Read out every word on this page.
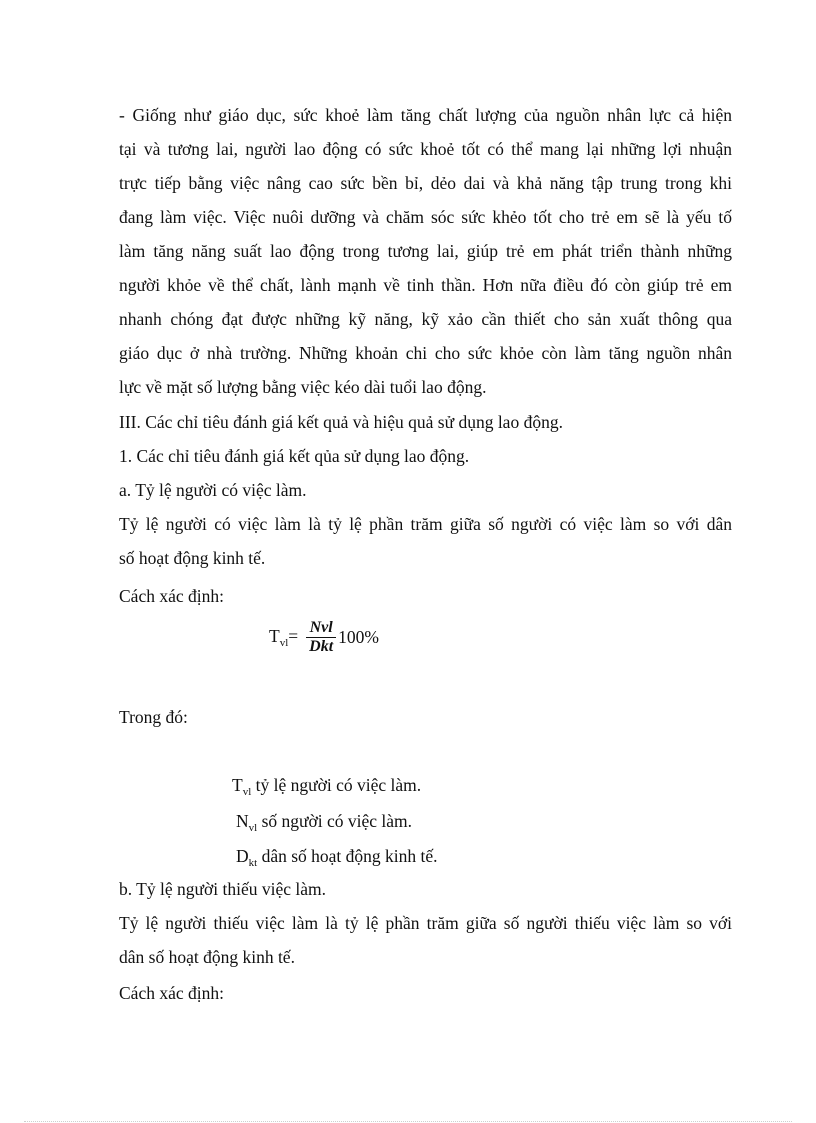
- Giống như giáo dục, sức khoẻ làm tăng chất lượng của nguồn nhân lực cả hiện
tại và tương lai, người lao động có sức khoẻ tốt có thể mang lại những lợi nhuận
trực tiếp bằng việc nâng cao sức bền bỉ, dẻo dai và khả năng tập trung trong khi
đang làm việc. Việc nuôi dưỡng và chăm sóc sức khẻo tốt cho trẻ em sẽ là yếu tố
làm tăng năng suất lao động trong tương lai, giúp trẻ em phát triển thành những
người khỏe về thể chất, lành mạnh về tinh thần. Hơn nữa điều đó còn giúp trẻ em
nhanh chóng đạt được những kỹ năng, kỹ xảo cần thiết cho sản xuất thông qua
giáo dục ở nhà trường. Những khoản chi cho sức khỏe còn làm tăng nguồn nhân
lực về mặt số lượng bằng việc kéo dài tuổi lao động.
III. Các chỉ tiêu đánh giá kết quả và hiệu quả sử dụng lao động.
1. Các chỉ tiêu đánh giá kết qủa sử dụng lao động.
a. Tỷ lệ người có việc làm.
Tỷ lệ người có việc làm là tỷ lệ phần trăm giữa số người có việc làm so với dân
số hoạt động kinh tế.
Cách xác định:
$T_{vl}= \frac{\text{Nvl}}{\text{Dkt}} 100\%$
Trong đó:
$T_{vl}$ tỷ lệ người có việc làm.
$N_{vl}$ số người có việc làm.
$D_{kt}$ dân số hoạt động kinh tế.
b. Tỷ lệ người thiếu việc làm.
Tỷ lệ người thiếu việc làm là tỷ lệ phần trăm giữa số người thiếu việc làm so với
dân số hoạt động kinh tế.
Cách xác định:
